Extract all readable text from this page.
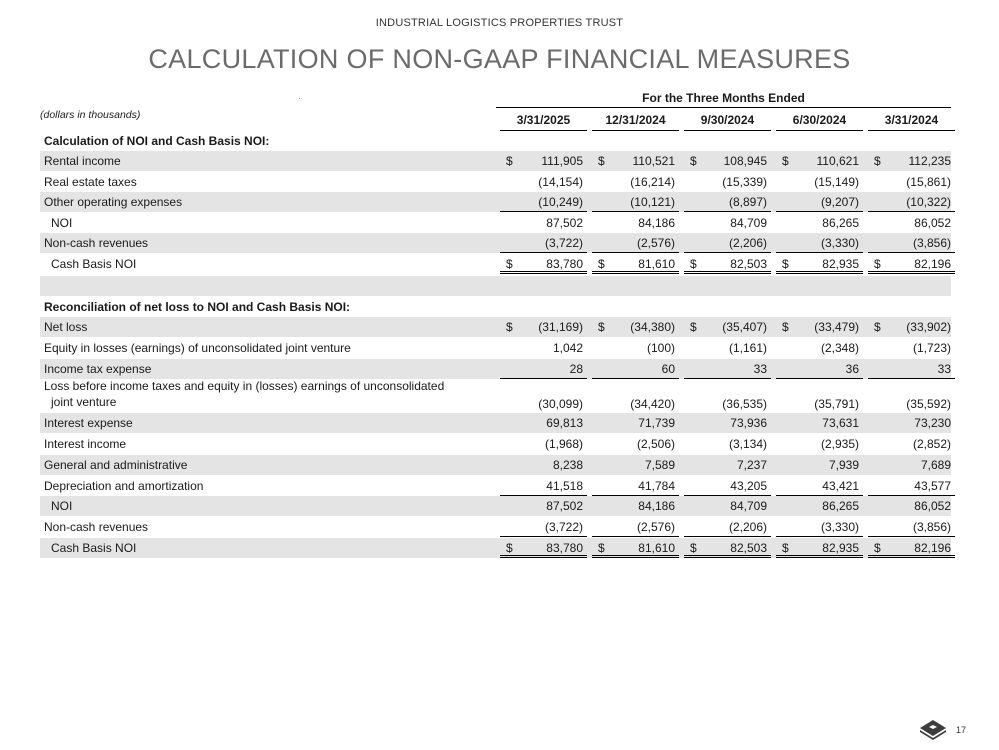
INDUSTRIAL LOGISTICS PROPERTIES TRUST
CALCULATION OF NON-GAAP FINANCIAL MEASURES
(dollars in thousands)
For the Three Months Ended
3/31/2025	12/31/2024	9/30/2024	6/30/2024	3/31/2024
Calculation of NOI and Cash Basis NOI:
Rental income	$ 111,905 $ 110,521 $ 108,945 $ 110,621 $ 112,235
Real estate taxes	(14,154)	(16,214)	(15,339)	(15,149)	(15,861)
Other operating expenses	(10,249)	(10,121)	(8,897)	(9,207)	(10,322)
NOI	87,502	84,186	84,709	86,265	86,052
Non-cash revenues	(3,722)	(2,576)	(2,206)	(3,330)	(3,856)
Cash Basis NOI	$	83,780 $	81,610 $	82,503 $	82,935 $	82,196
Reconciliation of net loss to NOI and Cash Basis NOI:
Net loss	$ (31,169) $ (34,380) $ (35,407) $ (33,479) $ (33,902)
Equity in losses (earnings) of unconsolidated joint venture	1,042	(100)	(1,161)	(2,348)	(1,723)
Income tax expense	28	60	33	36	33
Loss before income taxes and equity in (losses) earnings of unconsolidated
joint venture	(30,099)	(34,420)	(36,535)	(35,791)	(35,592)
Interest expense	69,813	71,739	73,936	73,631	73,230
Interest income	(1,968)	(2,506)	(3,134)	(2,935)	(2,852)
General and administrative	8,238	7,589	7,237	7,939	7,689
Depreciation and amortization	41,518	41,784	43,205	43,421	43,577
NOI	87,502	84,186	84,709	86,265	86,052
Non-cash revenues	(3,722)	(2,576)	(2,206)	(3,330)	(3,856)
Cash Basis NOI	$	83,780 $	81,610 $	82,503 $	82,935 $	82,196
17
